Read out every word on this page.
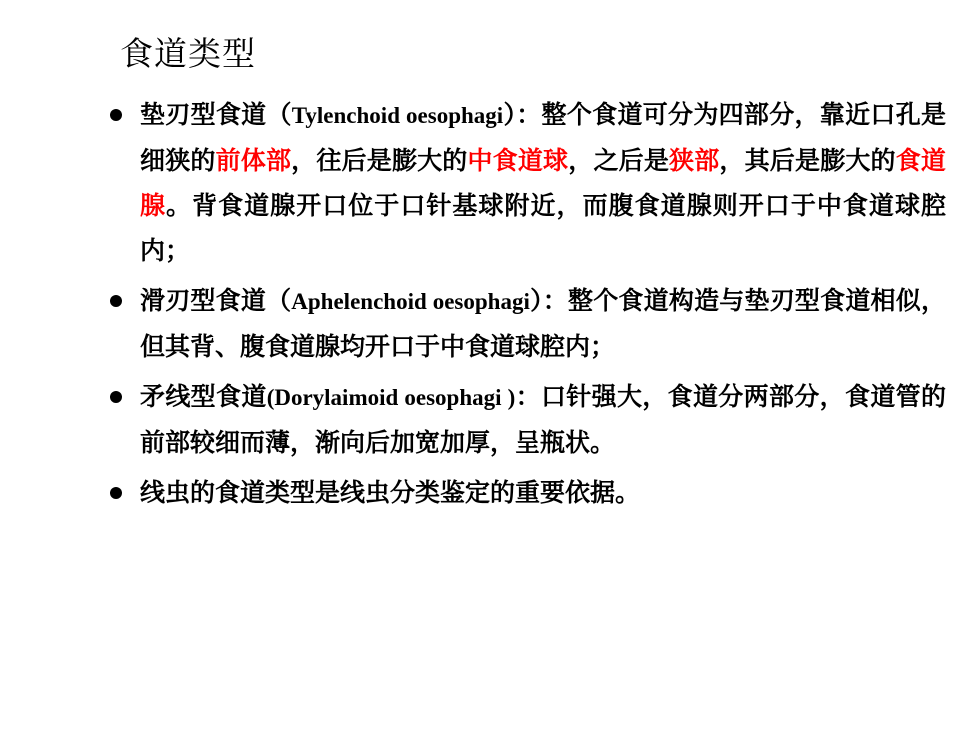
食道类型
垫刃型食道（Tylenchoid oesophagi）：整个食道可分为四部分，靠近口孔是细狭的前体部，往后是膨大的中食道球，之后是狭部，其后是膨大的食道腺。背食道腺开口位于口针基球附近，而腹食道腺则开口于中食道球腔内；
滑刃型食道（Aphelenchoid oesophagi）：整个食道构造与垫刃型食道相似，但其背、腹食道腺均开口于中食道球腔内；
矛线型食道(Dorylaimoid oesophagi )：口针强大，食道分两部分，食道管的前部较细而薄，渐向后加宽加厚，呈瓶状。
线虫的食道类型是线虫分类鉴定的重要依据。
